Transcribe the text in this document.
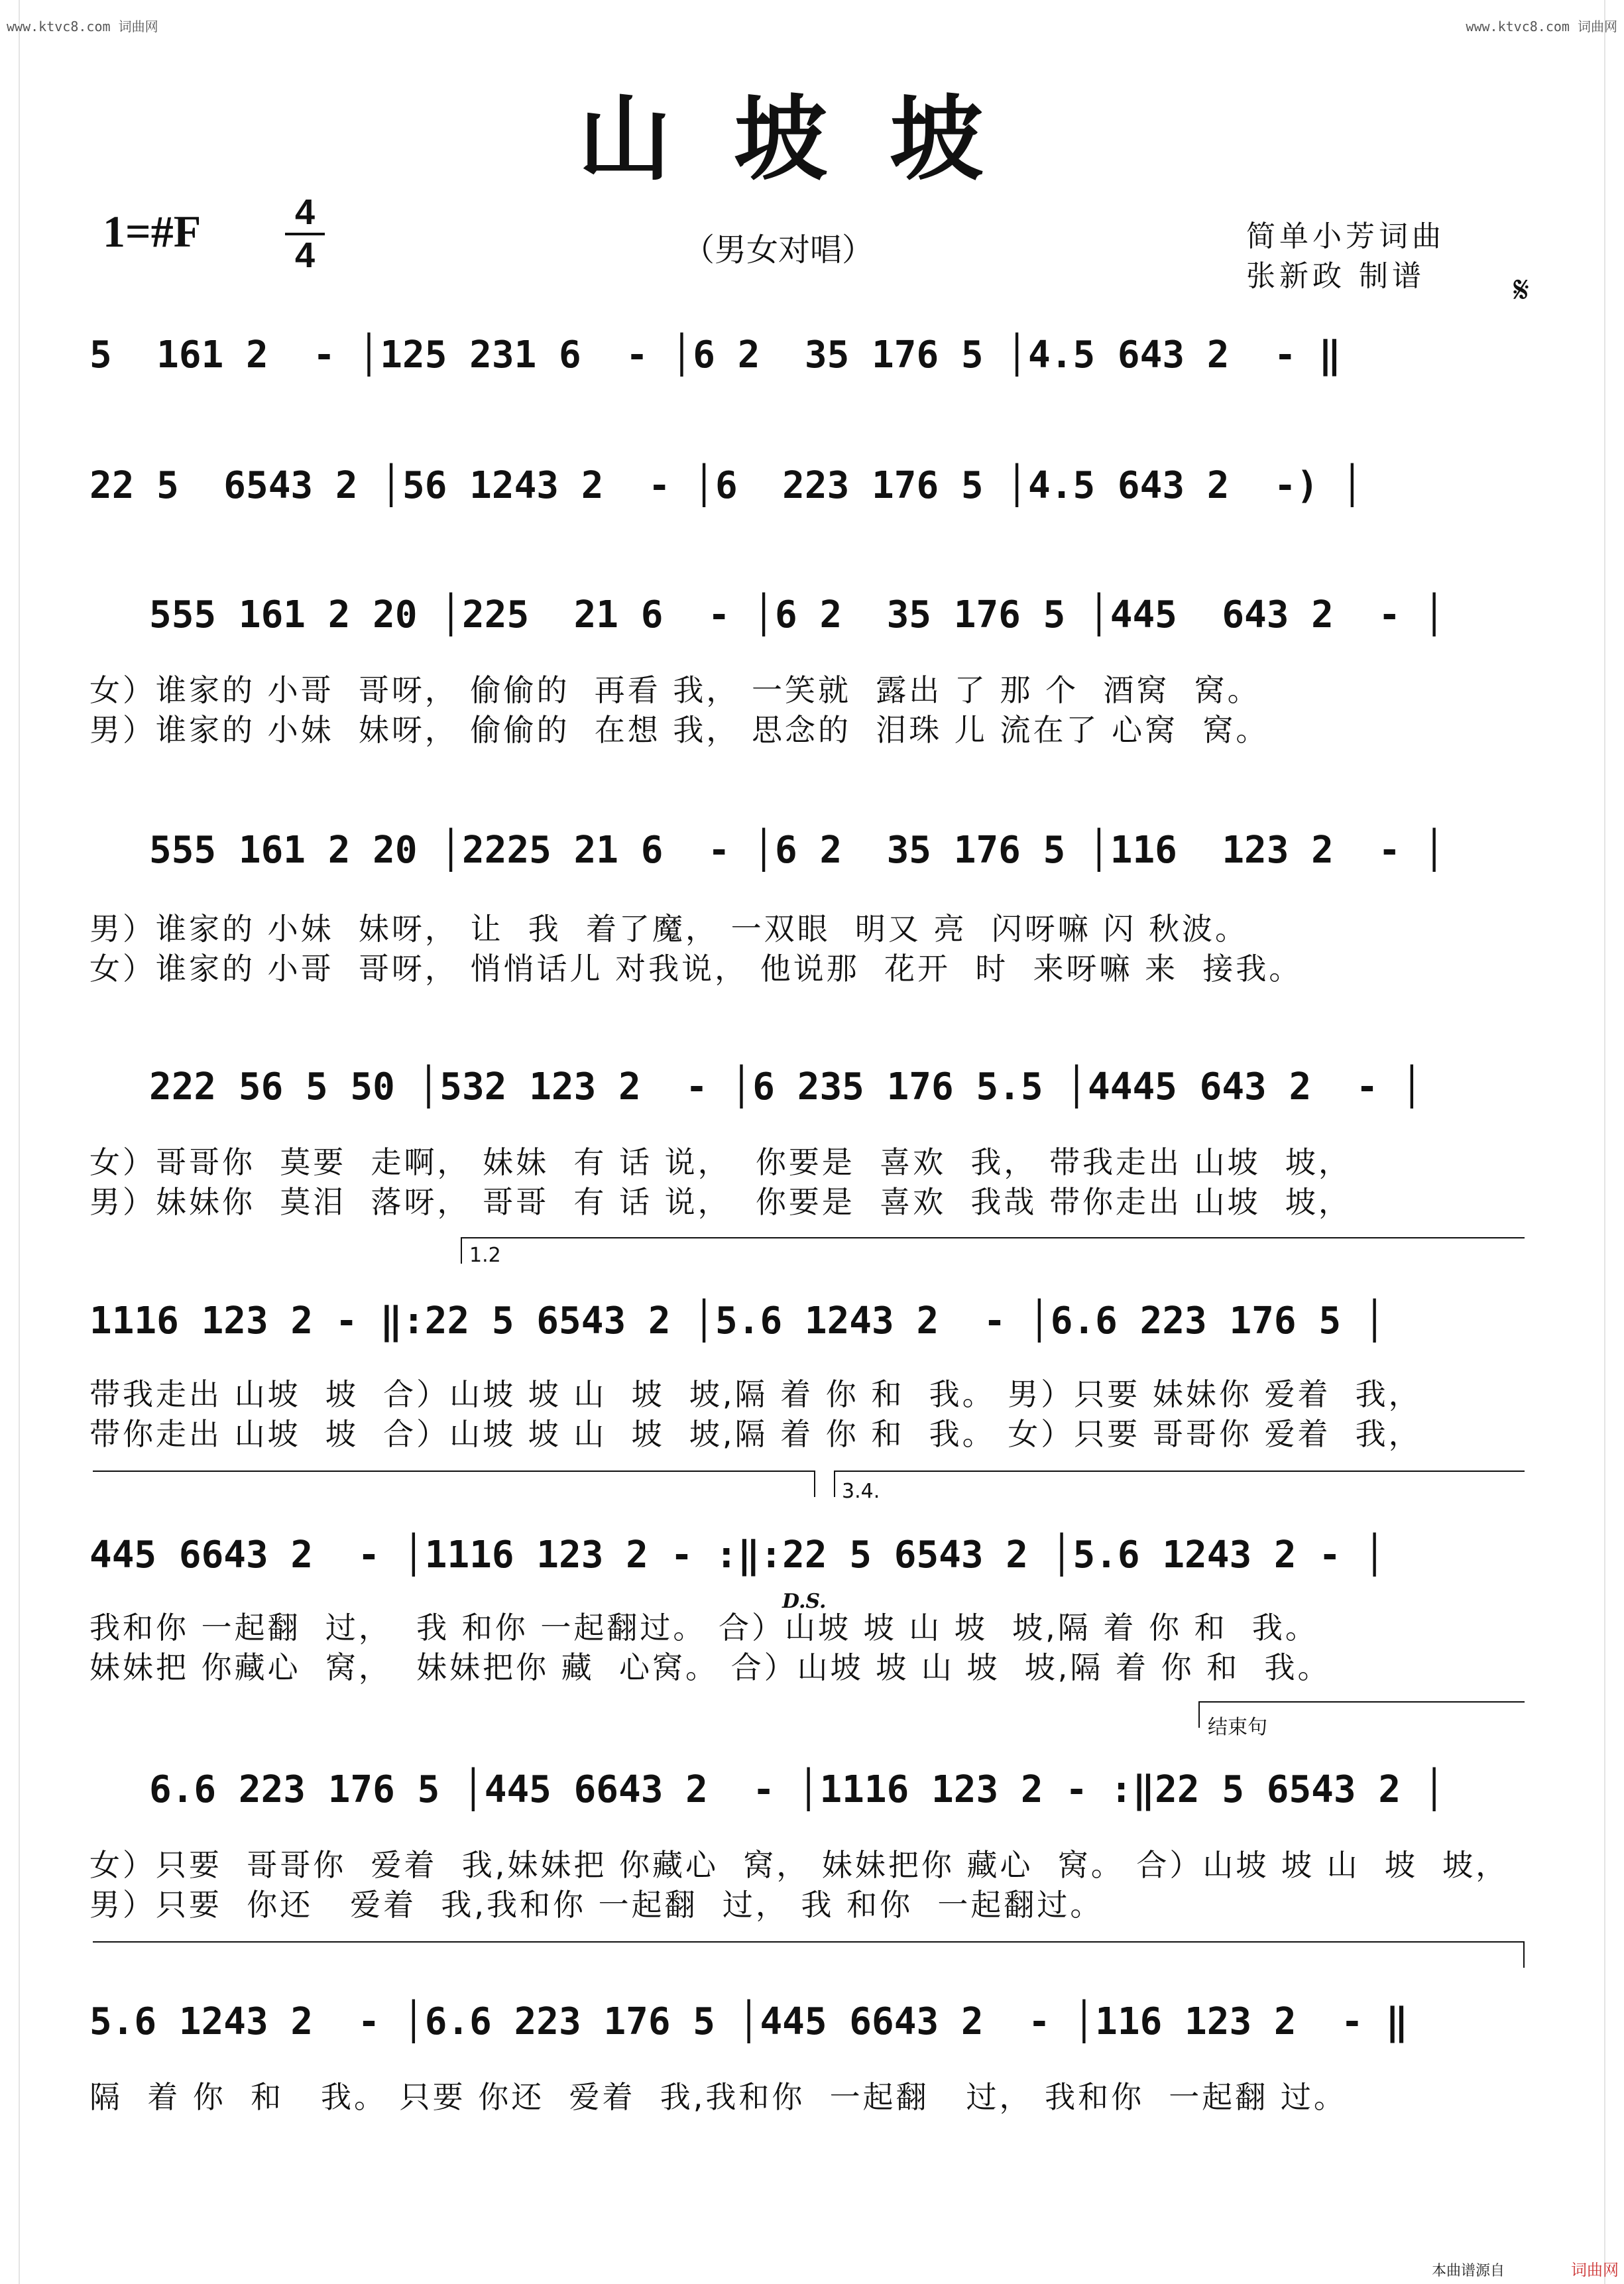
www.ktvc8.com 词曲网	www.ktvc8.com 词曲网
山坡坡
1=#F	4
4	（男女对唱）	简单小芳词曲
张新政 制谱 𝄋
5  161 2  - │125 231 6  - │6 2  35 176 5 │4.5 643 2  - ‖
22 5  6543 2 │56 1243 2  - │6  223 176 5 │4.5 643 2  -) │
555 161 2 20 │225  21 6  - │6 2  35 176 5 │445  643 2  - │
女）谁家的 小哥  哥呀， 偷偷的  再看 我， 一笑就  露出 了 那 个  酒窝  窝。
男）谁家的 小妹  妹呀， 偷偷的  在想 我， 思念的  泪珠 儿 流在了 心窝  窝。
555 161 2 20 │2225 21 6  - │6 2  35 176 5 │116  123 2  - │
男）谁家的 小妹  妹呀， 让  我  着了魔， 一双眼  明又 亮  闪呀嘛 闪 秋波。
女）谁家的 小哥  哥呀， 悄悄话儿 对我说， 他说那  花开  时  来呀嘛 来  接我。
222 56 5 50 │532 123 2  - │6 235 176 5.5 │4445 643 2  - │
女）哥哥你  莫要  走啊， 妹妹  有 话 说，  你要是  喜欢  我， 带我走出 山坡  坡，
男）妹妹你  莫泪  落呀， 哥哥  有 话 说，  你要是  喜欢  我哉 带你走出 山坡  坡，
1.2
1116 123 2 - ‖:22 5 6543 2 │5.6 1243 2  - │6.6 223 176 5 │
带我走出 山坡  坡  合）山坡 坡 山  坡  坡,隔 着 你 和  我。 男）只要 妹妹你 爱着  我，
带你走出 山坡  坡  合）山坡 坡 山  坡  坡,隔 着 你 和  我。 女）只要 哥哥你 爱着  我，
3.4.
445 6643 2  - │1116 123 2 - :‖:22 5 6543 2 │5.6 1243 2 - │
D.S.
我和你 一起翻  过，  我 和你 一起翻过。 合）山坡 坡 山 坡  坡,隔 着 你 和  我。
妹妹把 你藏心  窝，  妹妹把你 藏  心窝。 合）山坡 坡 山 坡  坡,隔 着 你 和  我。
结束句
6.6 223 176 5 │445 6643 2  - │1116 123 2 - :‖22 5 6543 2 │
女）只要  哥哥你  爱着  我,妹妹把 你藏心  窝， 妹妹把你 藏心  窝。 合）山坡 坡 山  坡  坡，
男）只要  你还   爱着  我,我和你 一起翻  过， 我 和你  一起翻过。
5.6 1243 2  - │6.6 223 176 5 │445 6643 2  - │116 123 2  - ‖
隔  着 你  和   我。 只要 你还  爱着  我,我和你  一起翻   过， 我和你  一起翻 过。
本曲谱源自	词曲网
